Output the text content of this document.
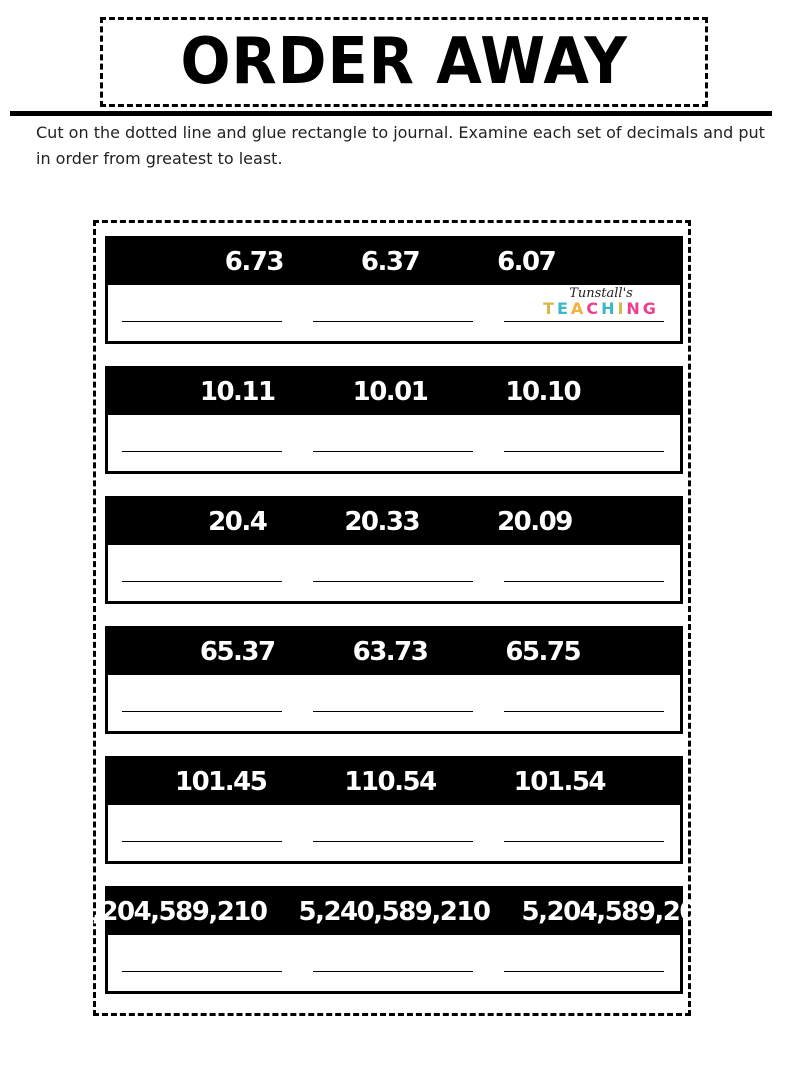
ORDER AWAY
Cut on the dotted line and glue rectangle to journal. Examine each set of decimals and put in order from greatest to least.
6.73	6.37	6.07
Tunstall's
TEACHING
10.11	10.01	10.10
20.4	20.33	20.09
65.37	63.73	65.75
101.45	110.54	101.54
5,204,589,210 5,240,589,210 5,204,589,201
